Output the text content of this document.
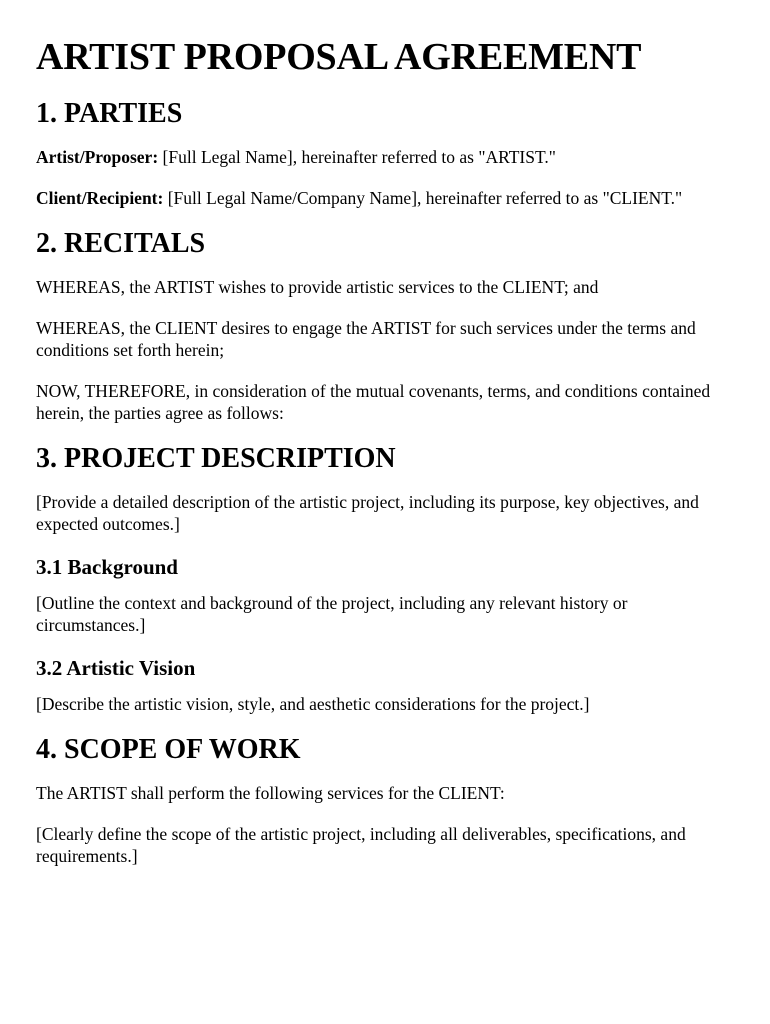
ARTIST PROPOSAL AGREEMENT
1. PARTIES

Artist/Proposer: [Full Legal Name], hereinafter referred to as "ARTIST."

Client/Recipient: [Full Legal Name/Company Name], hereinafter referred to as "CLIENT."

2. RECITALS

WHEREAS, the ARTIST wishes to provide artistic services to the CLIENT; and

WHEREAS, the CLIENT desires to engage the ARTIST for such services under the terms and conditions set forth herein;

NOW, THEREFORE, in consideration of the mutual covenants, terms, and conditions contained herein, the parties agree as follows:

3. PROJECT DESCRIPTION

[Provide a detailed description of the artistic project, including its purpose, key objectives, and expected outcomes.]

3.1 Background

[Outline the context and background of the project, including any relevant history or circumstances.]

3.2 Artistic Vision

[Describe the artistic vision, style, and aesthetic considerations for the project.]

4. SCOPE OF WORK

The ARTIST shall perform the following services for the CLIENT:

[Clearly define the scope of the artistic project, including all deliverables, specifications, and requirements.]
